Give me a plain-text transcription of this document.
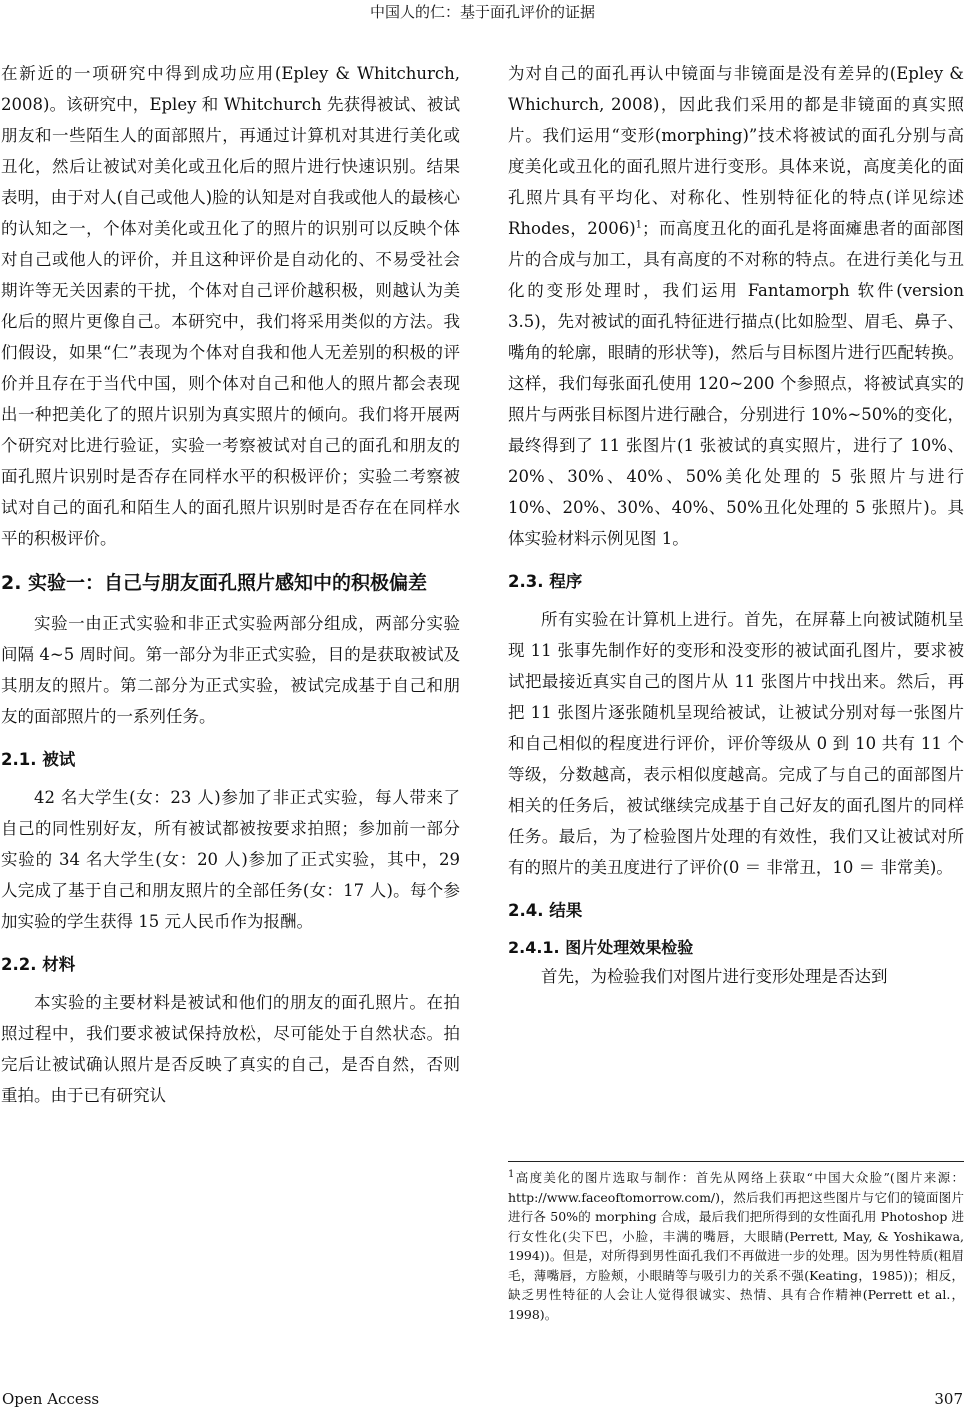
中国人的仁：基于面孔评价的证据

在新近的一项研究中得到成功应用(Epley & Whitchurch, 2008)。该研究中，Epley 和 Whitchurch 先获得被试、被试朋友和一些陌生人的面部照片，再通过计算机对其进行美化或丑化，然后让被试对美化或丑化后的照片进行快速识别。结果表明，由于对人(自己或他人)脸的认知是对自我或他人的最核心的认知之一，个体对美化或丑化了的照片的识别可以反映个体对自己或他人的评价，并且这种评价是自动化的、不易受社会期许等无关因素的干扰，个体对自己评价越积极，则越认为美化后的照片更像自己。本研究中，我们将采用类似的方法。我们假设，如果“仁”表现为个体对自我和他人无差别的积极的评价并且存在于当代中国，则个体对自己和他人的照片都会表现出一种把美化了的照片识别为真实照片的倾向。我们将开展两个研究对比进行验证，实验一考察被试对自己的面孔和朋友的面孔照片识别时是否存在同样水平的积极评价；实验二考察被试对自己的面孔和陌生人的面孔照片识别时是否存在在同样水平的积极评价。

2. 实验一：自己与朋友面孔照片感知中的积极偏差

实验一由正式实验和非正式实验两部分组成，两部分实验间隔 4~5 周时间。第一部分为非正式实验，目的是获取被试及其朋友的照片。第二部分为正式实验，被试完成基于自己和朋友的面部照片的一系列任务。

2.1. 被试

42 名大学生(女：23 人)参加了非正式实验，每人带来了自己的同性别好友，所有被试都被按要求拍照；参加前一部分实验的 34 名大学生(女：20 人)参加了正式实验，其中，29 人完成了基于自己和朋友照片的全部任务(女：17 人)。每个参加实验的学生获得 15 元人民币作为报酬。

2.2. 材料

本实验的主要材料是被试和他们的朋友的面孔照片。在拍照过程中，我们要求被试保持放松，尽可能处于自然状态。拍完后让被试确认照片是否反映了真实的自己，是否自然，否则重拍。由于已有研究认

为对自己的面孔再认中镜面与非镜面是没有差异的(Epley & Whichurch, 2008)，因此我们采用的都是非镜面的真实照片。我们运用“变形(morphing)”技术将被试的面孔分别与高度美化或丑化的面孔照片进行变形。具体来说，高度美化的面孔照片具有平均化、对称化、性别特征化的特点(详见综述 Rhodes，2006)$^1$；而高度丑化的面孔是将面瘫患者的面部图片的合成与加工，具有高度的不对称的特点。在进行美化与丑化的变形处理时，我们运用 Fantamorph 软件(version 3.5)，先对被试的面孔特征进行描点(比如脸型、眉毛、鼻子、嘴角的轮廓，眼睛的形状等)，然后与目标图片进行匹配转换。这样，我们每张面孔使用 120~200 个参照点，将被试真实的照片与两张目标图片进行融合，分别进行 10%~50%的变化，最终得到了 11 张图片(1 张被试的真实照片，进行了 10%、20%、30%、40%、50%美化处理的 5 张照片与进行 10%、20%、30%、40%、50%丑化处理的 5 张照片)。具体实验材料示例见图 1。

2.3. 程序

所有实验在计算机上进行。首先，在屏幕上向被试随机呈现 11 张事先制作好的变形和没变形的被试面孔图片，要求被试把最接近真实自己的图片从 11 张图片中找出来。然后，再把 11 张图片逐张随机呈现给被试，让被试分别对每一张图片和自己相似的程度进行评价，评价等级从 0 到 10 共有 11 个等级，分数越高，表示相似度越高。完成了与自己的面部图片相关的任务后，被试继续完成基于自己好友的面孔图片的同样任务。最后，为了检验图片处理的有效性，我们又让被试对所有的照片的美丑度进行了评价(0 ＝ 非常丑，10 ＝ 非常美)。

2.4. 结果
2.4.1. 图片处理效果检验

首先，为检验我们对图片进行变形处理是否达到

$^1$高度美化的图片选取与制作：首先从网络上获取“中国大众脸”(图片来源：http://www.faceoftomorrow.com/)，然后我们再把这些图片与它们的镜面图片进行各 50%的 morphing 合成，最后我们把所得到的女性面孔用 Photoshop 进行女性化(尖下巴，小脸，丰满的嘴唇，大眼睛(Perrett, May, & Yoshikawa, 1994))。但是，对所得到男性面孔我们不再做进一步的处理。因为男性特质(粗眉毛，薄嘴唇，方脸颊，小眼睛等与吸引力的关系不强(Keating，1985))；相反，缺乏男性特征的人会让人觉得很诚实、热情、具有合作精神(Perrett et al.，1998)。
Open Access	307
